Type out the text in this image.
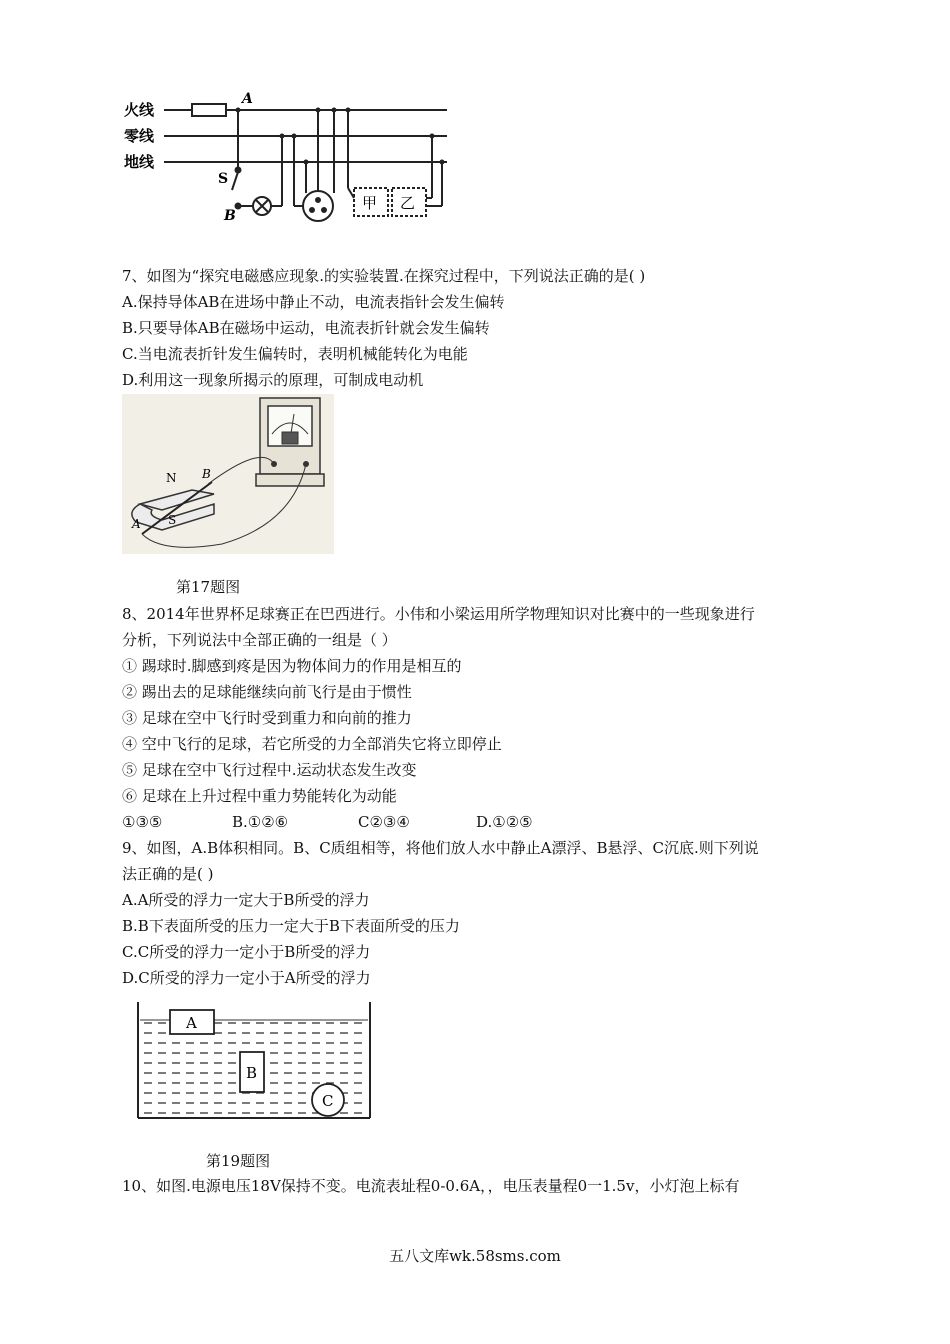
火线
零线
地线
A
S
B
甲 乙
7、如图为“探究电磁感应现象.的实验装置.在探究过程中，下列说法正确的是( )
A.保持导体AB在进场中静止不动，电流表指针会发生偏转
B.只要导体AB在磁场中运动，电流表折针就会发生偏转
C.当电流表折针发生偏转时，表明机械能转化为电能
D.利用这一现象所揭示的原理，可制成电动机
N B
A S
第17题图
8、2014年世界杯足球赛正在巴西进行。小伟和小梁运用所学物理知识对比赛中的一些现象进行
分析，下列说法中全部正确的一组是（ ）
① 踢球时.脚感到疼是因为物体间力的作用是相互的
② 踢出去的足球能继续向前飞行是由于惯性
③ 足球在空中飞行时受到重力和向前的推力
④ 空中飞行的足球，若它所受的力全部消失它将立即停止
⑤ 足球在空中飞行过程中.运动状态发生改变
⑥ 足球在上升过程中重力势能转化为动能
①③⑤	B.①②⑥	C②③④	D.①②⑤
9、如图，A.B体积相同。B、C质组相等，将他们放人水中静止A漂浮、B悬浮、C沉底.则下列说
法正确的是( )
A.A所受的浮力一定大于B所受的浮力
B.B下表面所受的压力一定大于B下表面所受的压力
C.C所受的浮力一定小于B所受的浮力
D.C所受的浮力一定小于A所受的浮力
A
B
C
第19题图
10、如图.电源电压18V保持不变。电流表址程0-0.6A，，电压表量程0一1.5v，小灯泡上标有
五八文库wk.58sms.com
